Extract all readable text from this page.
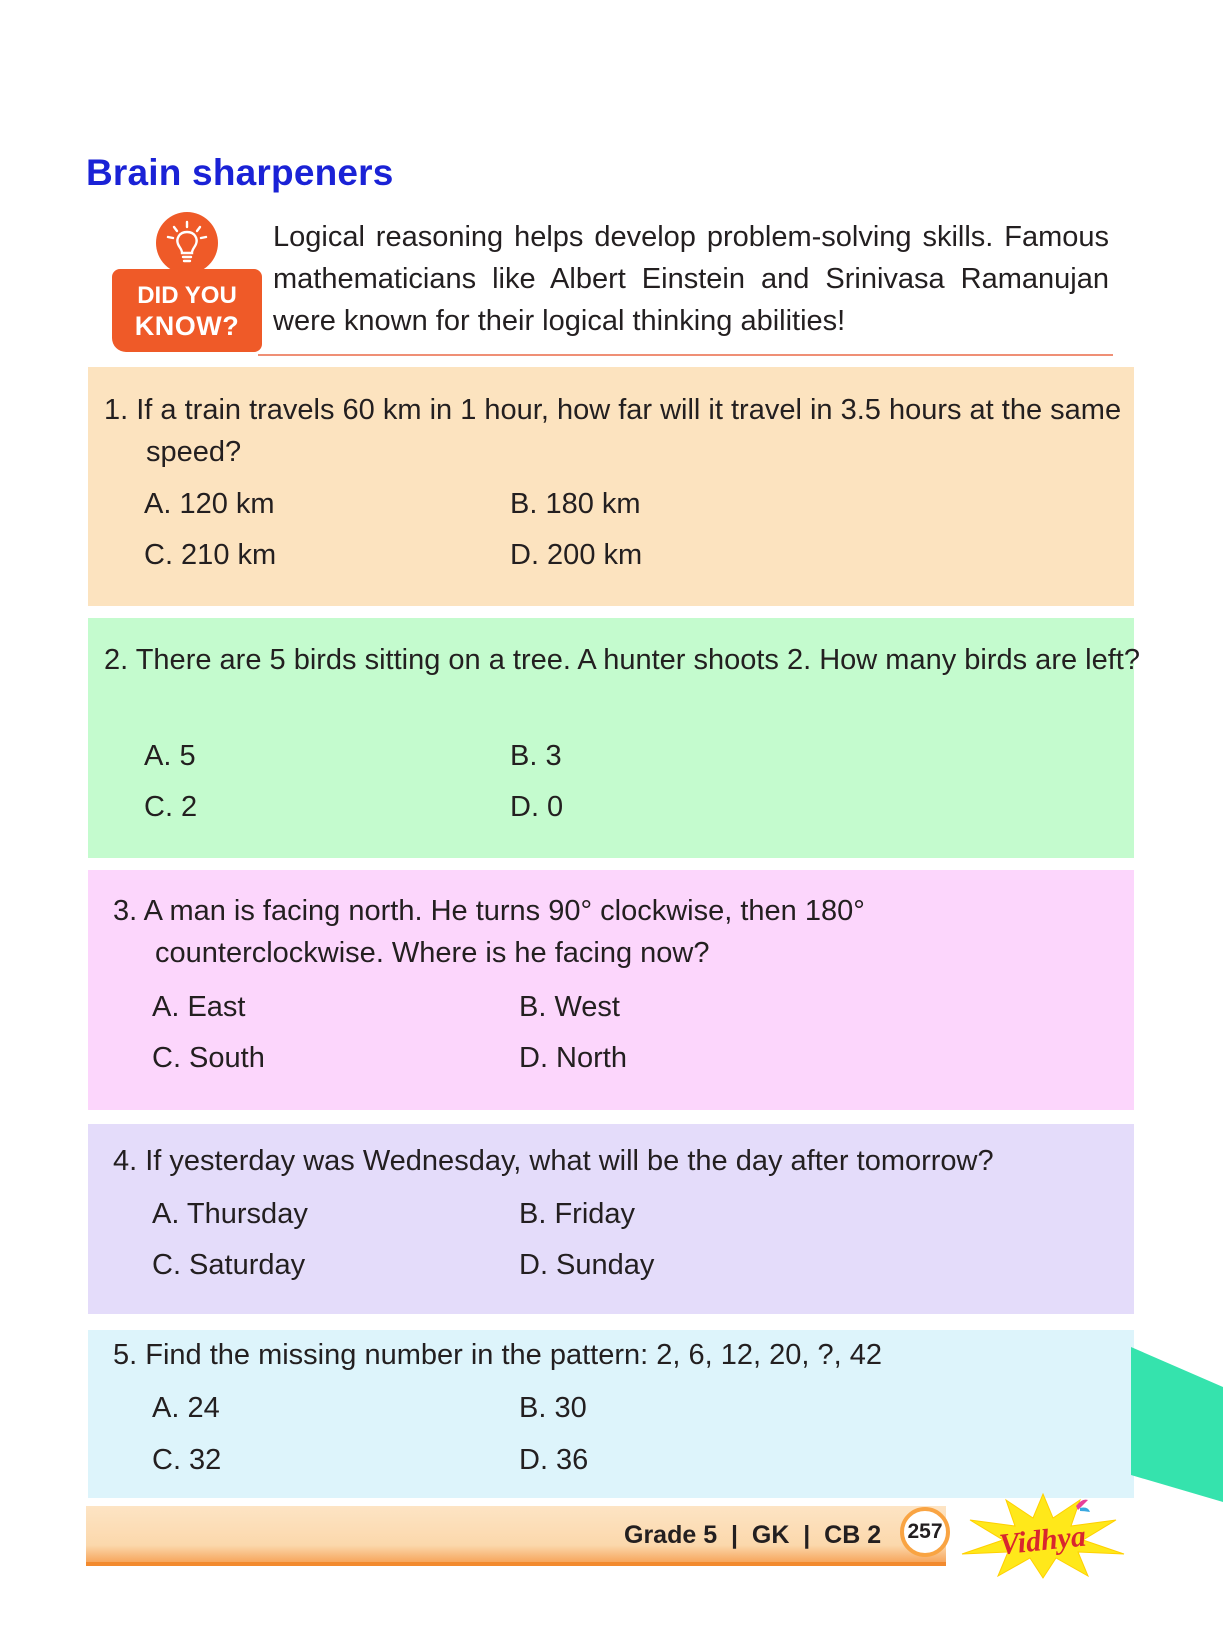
Brain sharpeners
DID YOU
KNOW?
Logical reasoning helps develop problem-solving skills. Famous mathematicians like Albert Einstein and Srinivasa Ramanujan were known for their logical thinking abilities!
1. If a train travels 60 km in 1 hour, how far will it travel in 3.5 hours at the same speed?
A. 120 km	B. 180 km
C. 210 km	D. 200 km
2. There are 5 birds sitting on a tree. A hunter shoots 2. How many birds are left?
A. 5	B. 3
C. 2	D. 0
3. A man is facing north. He turns 90° clockwise, then 180° counterclockwise. Where is he facing now?
A. East	B. West
C. South	D. North
4. If yesterday was Wednesday, what will be the day after tomorrow?
A. Thursday	B. Friday
C. Saturday	D. Sunday
5. Find the missing number in the pattern: 2, 6, 12, 20, ?, 42
A. 24	B. 30
C. 32	D. 36
Grade 5  |  GK  |  CB 2	257 Vidhya
